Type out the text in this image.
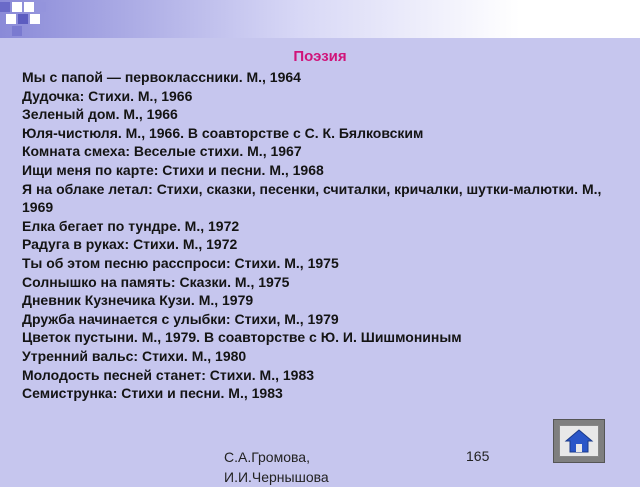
Поэзия
Мы с папой — первоклассники. М., 1964
Дудочка: Стихи. М., 1966
Зеленый дом. М., 1966
Юля-чистюля. М., 1966. В соавторстве с С. К. Бялковским
Комната смеха: Веселые стихи. М., 1967
Ищи меня по карте: Стихи и песни. М., 1968
Я на облаке летал: Стихи, сказки, песенки, считалки, кричалки, шутки-малютки. М., 1969
Елка бегает по тундре. М., 1972
Радуга в руках: Стихи. М., 1972
Ты об этом песню расспроси: Стихи. М., 1975
Солнышко на память: Сказки. М., 1975
Дневник Кузнечика Кузи. М., 1979
Дружба начинается с улыбки: Стихи, М., 1979
Цветок пустыни. М., 1979. В соавторстве с Ю. И. Шишмониным
Утренний вальс: Стихи. М., 1980
Молодость песней станет: Стихи. М., 1983
Семиструнка: Стихи и песни. М., 1983
С.А.Громова, И.И.Чернышова
165
